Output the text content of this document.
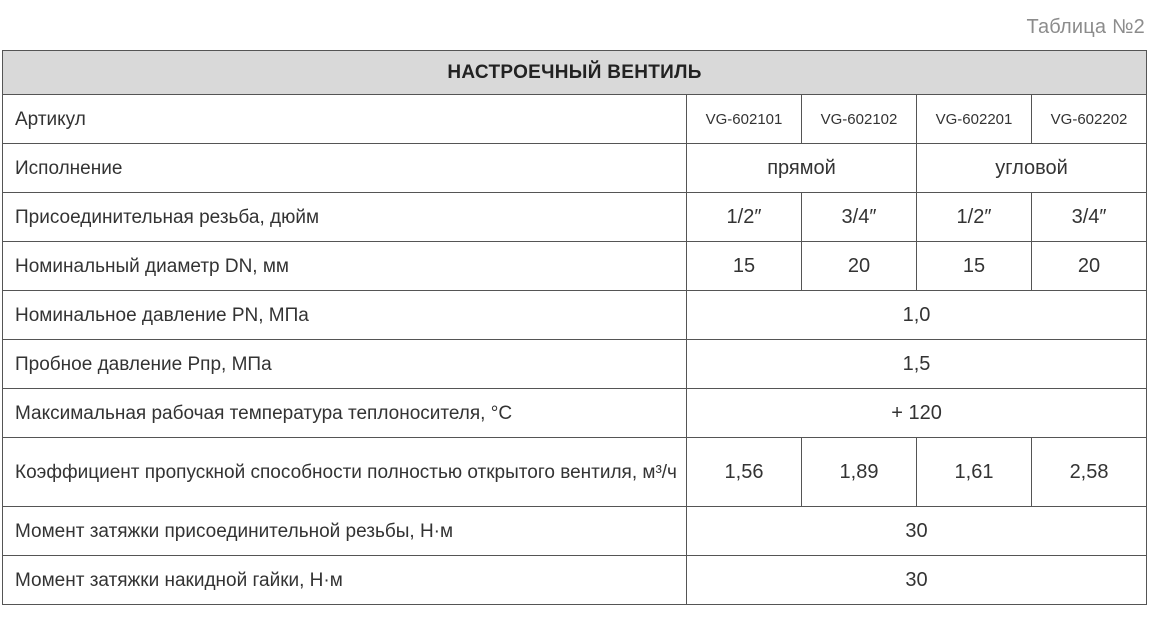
Таблица №2
НАСТРОЕЧНЫЙ ВЕНТИЛЬ				
Артикул	VG-602101	VG-602102	VG-602201	VG-602202
Исполнение	прямой		угловой	
Присоединительная резьба, дюйм	1/2″	3/4″	1/2″	3/4″
Номинальный диаметр DN, мм	15	20	15	20
Номинальное давление PN, МПа	1,0			
Пробное давление Рпр, МПа	1,5			
Максимальная рабочая температура теплоносителя, °С	+ 120			
Коэффициент пропускной способности полностью открытого вентиля, м³/ч	1,56	1,89	1,61	2,58
Момент затяжки присоединительной резьбы, Н·м	30			
Момент затяжки накидной гайки, Н·м	30			
